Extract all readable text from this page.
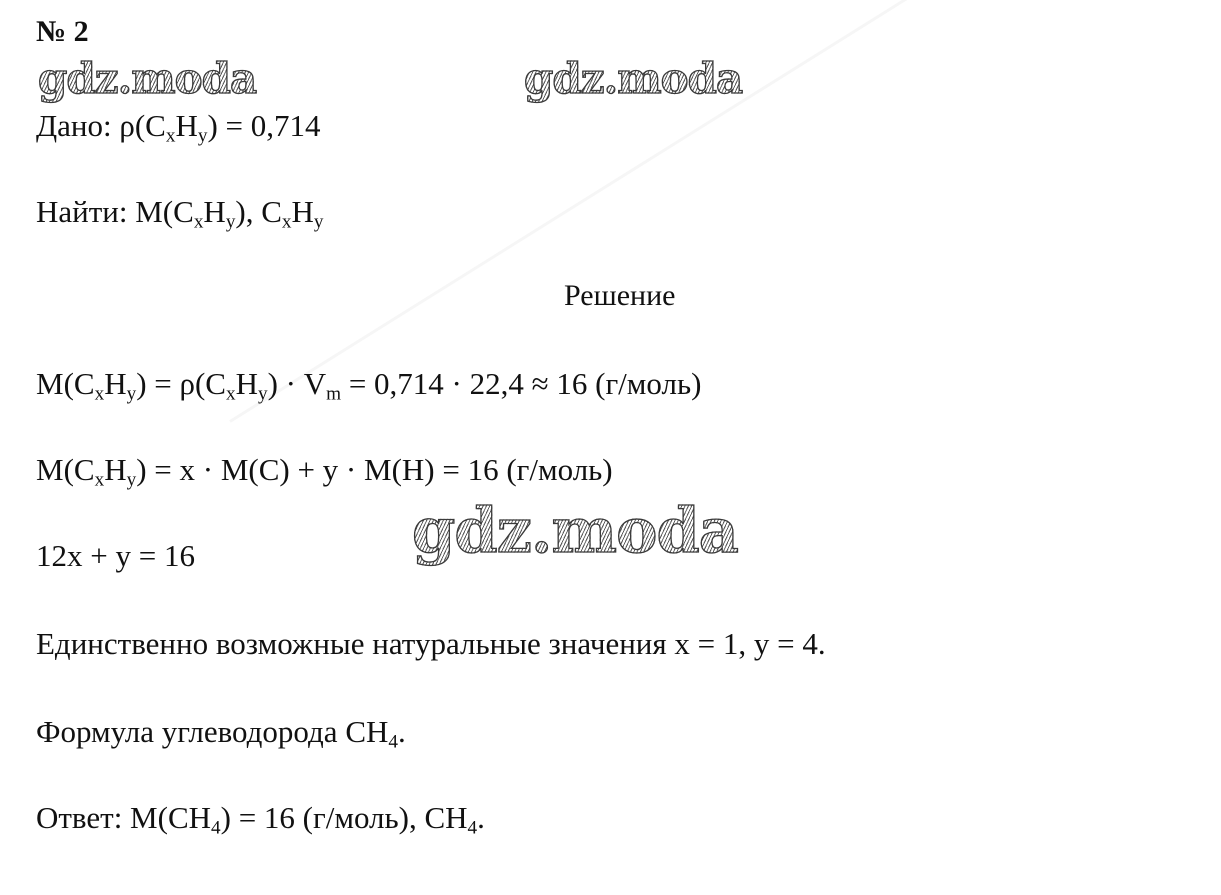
№ 2
gdz.moda	gdz.moda
Дано: $\rho(C_xH_y) = 0,714$
Найти: $M(C_xH_y)$, $C_xH_y$
Решение
$M(C_xH_y) = \rho(C_xH_y) \cdot V_m = 0,714 \cdot 22,4 \approx 16$ (г/моль)
$M(C_xH_y) = x \cdot M(C) + y \cdot M(H) = 16$ (г/моль)
gdz.moda
12x + y = 16
Единственно возможные натуральные значения x = 1, y = 4.
Формула углеводорода $CH_4$.
Ответ: $M(CH_4) = 16$ (г/моль), $CH_4$.
